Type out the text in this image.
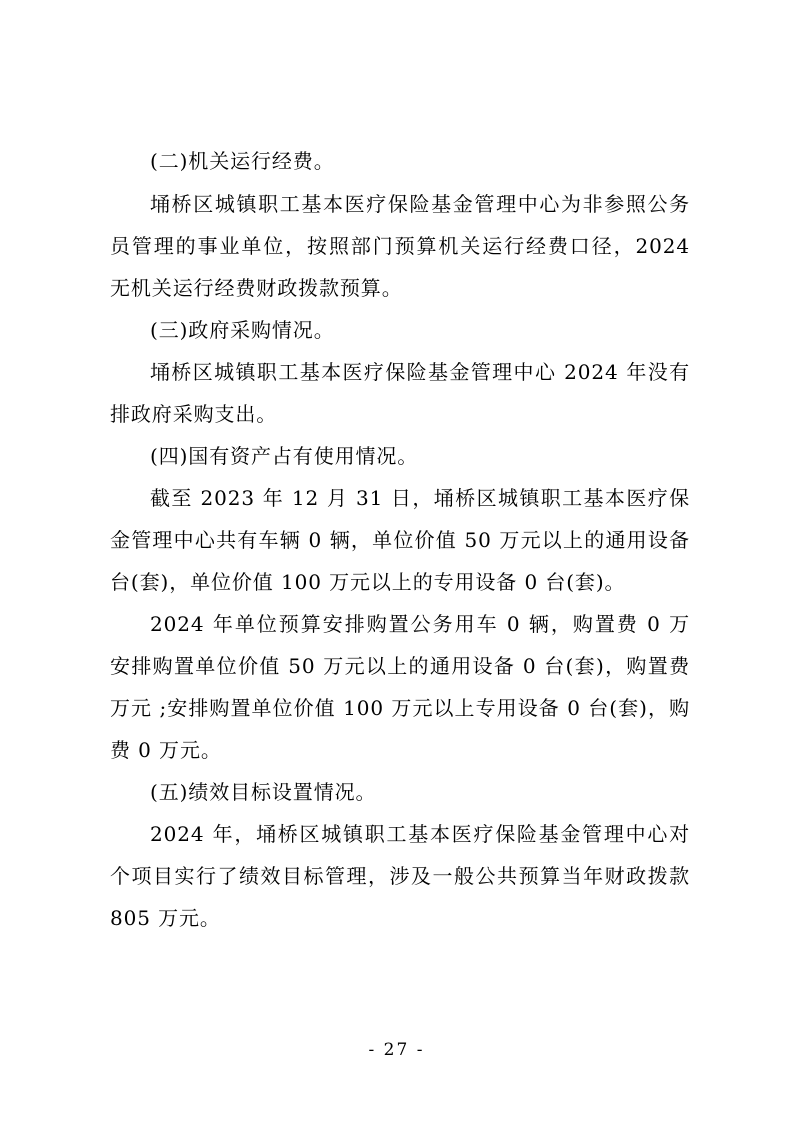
(二)机关运行经费。
埇桥区城镇职工基本医疗保险基金管理中心为非参照公务
员管理的事业单位，按照部门预算机关运行经费口径，2024
无机关运行经费财政拨款预算。
(三)政府采购情况。
埇桥区城镇职工基本医疗保险基金管理中心 2024 年没有
排政府采购支出。
(四)国有资产占有使用情况。
截至 2023 年 12 月 31 日，埇桥区城镇职工基本医疗保
金管理中心共有车辆 0 辆，单位价值 50 万元以上的通用设备
台(套)，单位价值 100 万元以上的专用设备 0 台(套)。
2024 年单位预算安排购置公务用车 0 辆，购置费 0 万
安排购置单位价值 50 万元以上的通用设备 0 台(套)，购置费
万元 ;安排购置单位价值 100 万元以上专用设备 0 台(套)，购
费 0 万元。
(五)绩效目标设置情况。
2024 年，埇桥区城镇职工基本医疗保险基金管理中心对
个项目实行了绩效目标管理，涉及一般公共预算当年财政拨款
805 万元。
- 27 -
